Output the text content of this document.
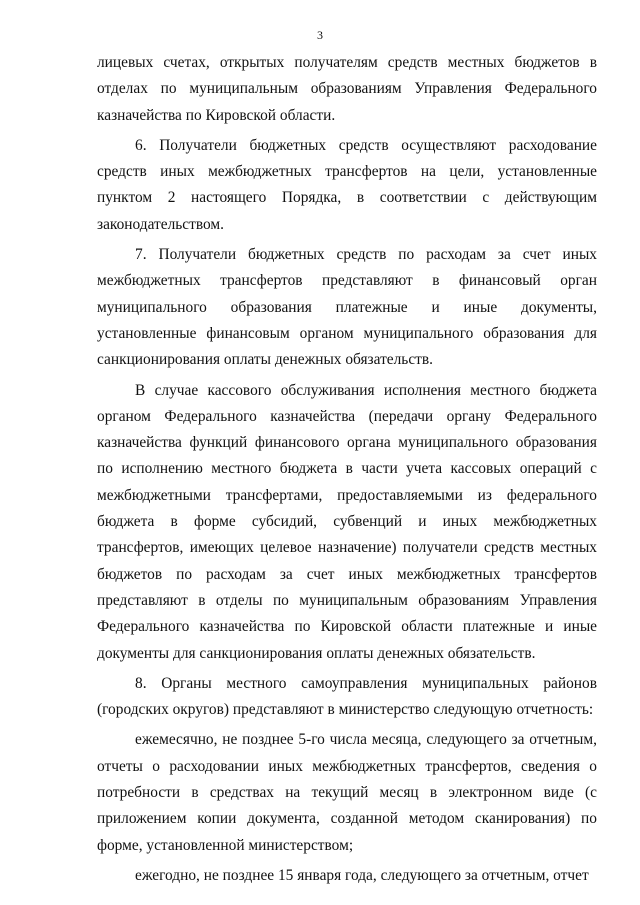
3

лицевых счетах, открытых получателям средств местных бюджетов в отделах по муниципальным образованиям Управления Федерального казначейства по Кировской области.

6. Получатели бюджетных средств осуществляют расходование средств иных межбюджетных трансфертов на цели, установленные пунктом 2 настоящего Порядка, в соответствии с действующим законодательством.

7. Получатели бюджетных средств по расходам за счет иных межбюджетных трансфертов представляют в финансовый орган муниципального образования платежные и иные документы, установленные финансовым органом муниципального образования для санкционирования оплаты денежных обязательств.

В случае кассового обслуживания исполнения местного бюджета органом Федерального казначейства (передачи органу Федерального казначейства функций финансового органа муниципального образования по исполнению местного бюджета в части учета кассовых операций с межбюджетными трансфертами, предоставляемыми из федерального бюджета в форме субсидий, субвенций и иных межбюджетных трансфертов, имеющих целевое назначение) получатели средств местных бюджетов по расходам за счет иных межбюджетных трансфертов представляют в отделы по муниципальным образованиям Управления Федерального казначейства по Кировской области платежные и иные документы для санкционирования оплаты денежных обязательств.

8. Органы местного самоуправления муниципальных районов (городских округов) представляют в министерство следующую отчетность:

ежемесячно, не позднее 5-го числа месяца, следующего за отчетным, отчеты о расходовании иных межбюджетных трансфертов, сведения о потребности в средствах на текущий месяц в электронном виде (с приложением копии документа, созданной методом сканирования) по форме, установленной министерством;

ежегодно, не позднее 15 января года, следующего за отчетным, отчет
